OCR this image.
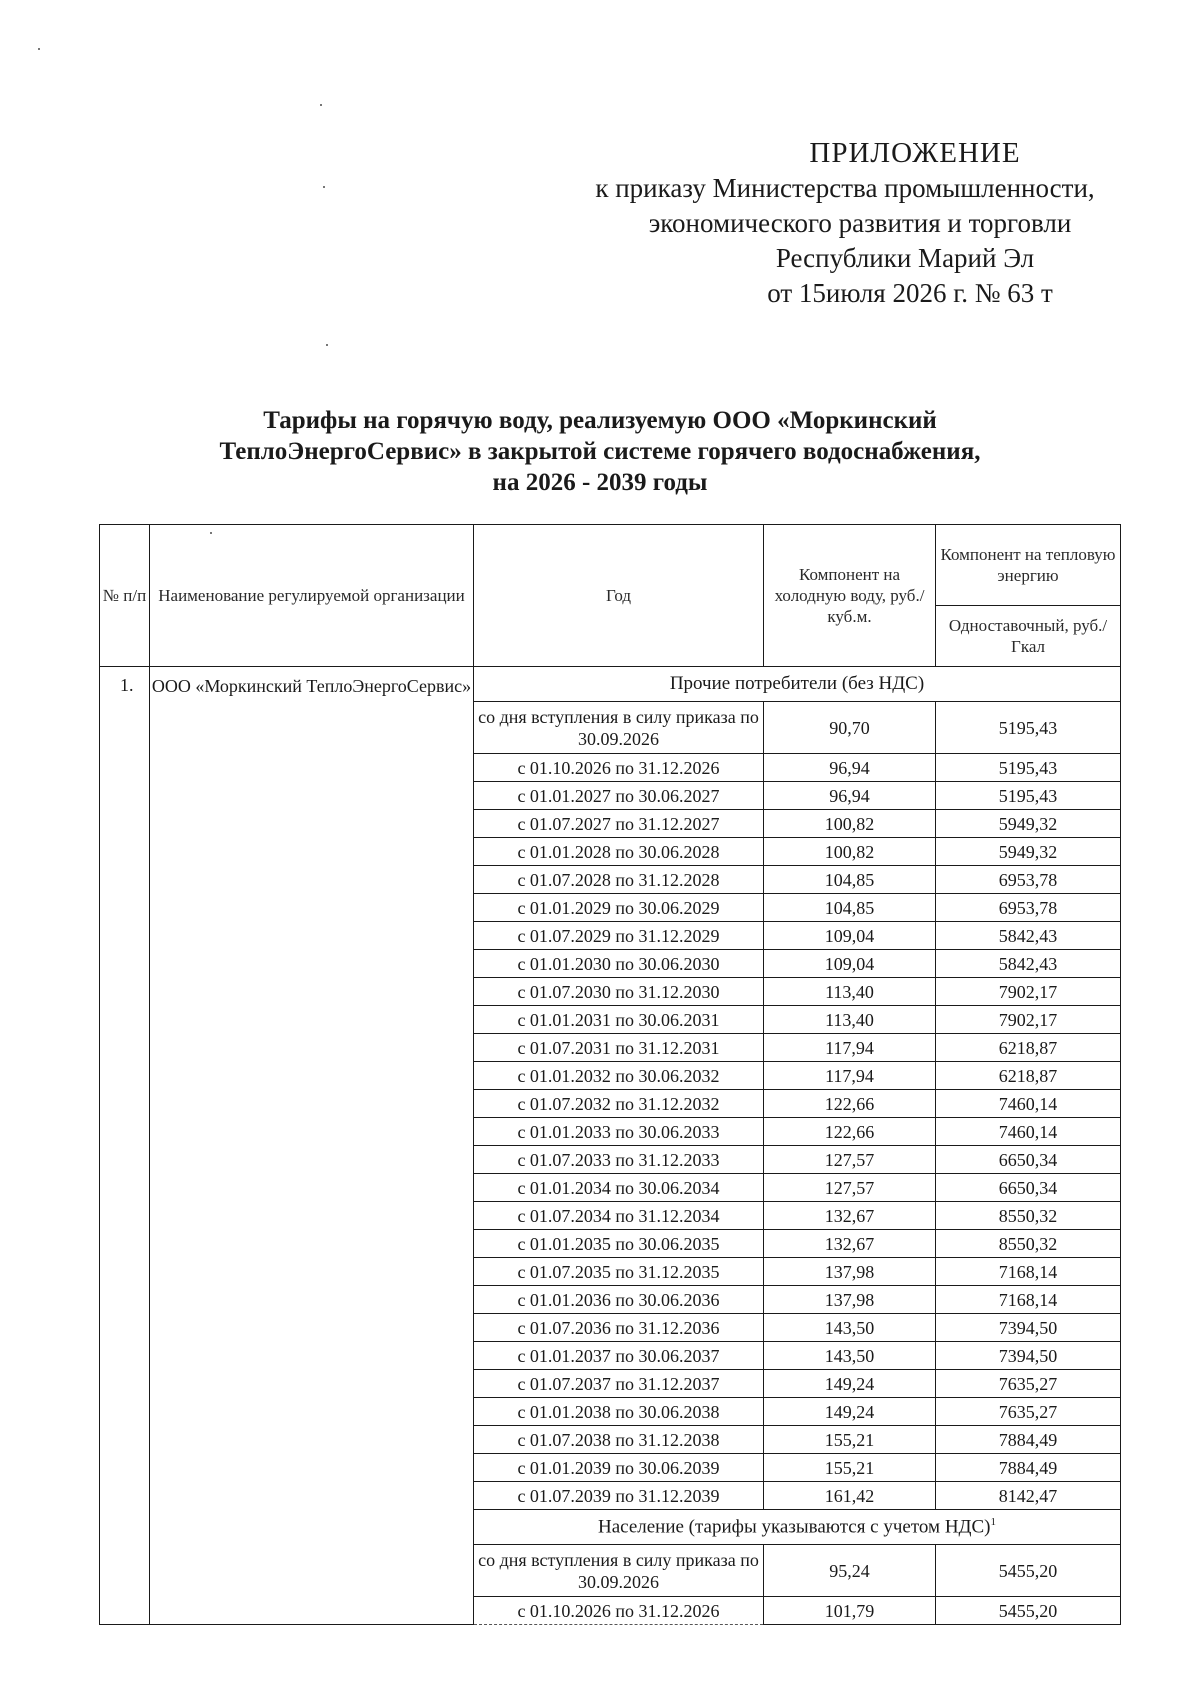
ПРИЛОЖЕНИЕ
к приказу Министерства промышленности,
экономического развития и торговли
Республики Марий Эл
от 15июля 2026 г. № 63 т
Тарифы на горячую воду, реализуемую ООО «Моркинский
ТеплоЭнергоСервис» в закрытой системе горячего водоснабжения,
на 2026 - 2039 годы
№ п/п	Наименование регулируемой организации	Год	Компонент на холодную воду, руб./куб.м.	Компонент на тепловую энергию
				Одноставочный, руб./Гкал
1.	ООО «Моркинский ТеплоЭнергоСервис»	Прочие потребители (без НДС)		
		со дня вступления в силу приказа по 30.09.2026	90,70	5195,43
		с 01.10.2026 по 31.12.2026	96,94	5195,43
		с 01.01.2027 по 30.06.2027	96,94	5195,43
		с 01.07.2027 по 31.12.2027	100,82	5949,32
		с 01.01.2028 по 30.06.2028	100,82	5949,32
		с 01.07.2028 по 31.12.2028	104,85	6953,78
		с 01.01.2029 по 30.06.2029	104,85	6953,78
		с 01.07.2029 по 31.12.2029	109,04	5842,43
		с 01.01.2030 по 30.06.2030	109,04	5842,43
		с 01.07.2030 по 31.12.2030	113,40	7902,17
		с 01.01.2031 по 30.06.2031	113,40	7902,17
		с 01.07.2031 по 31.12.2031	117,94	6218,87
		с 01.01.2032 по 30.06.2032	117,94	6218,87
		с 01.07.2032 по 31.12.2032	122,66	7460,14
		с 01.01.2033 по 30.06.2033	122,66	7460,14
		с 01.07.2033 по 31.12.2033	127,57	6650,34
		с 01.01.2034 по 30.06.2034	127,57	6650,34
		с 01.07.2034 по 31.12.2034	132,67	8550,32
		с 01.01.2035 по 30.06.2035	132,67	8550,32
		с 01.07.2035 по 31.12.2035	137,98	7168,14
		с 01.01.2036 по 30.06.2036	137,98	7168,14
		с 01.07.2036 по 31.12.2036	143,50	7394,50
		с 01.01.2037 по 30.06.2037	143,50	7394,50
		с 01.07.2037 по 31.12.2037	149,24	7635,27
		с 01.01.2038 по 30.06.2038	149,24	7635,27
		с 01.07.2038 по 31.12.2038	155,21	7884,49
		с 01.01.2039 по 30.06.2039	155,21	7884,49
		с 01.07.2039 по 31.12.2039	161,42	8142,47
		Население (тарифы указываются с учетом НДС)$^1$
		со дня вступления в силу приказа по 30.09.2026	95,24	5455,20
		с 01.10.2026 по 31.12.2026	101,79	5455,20
